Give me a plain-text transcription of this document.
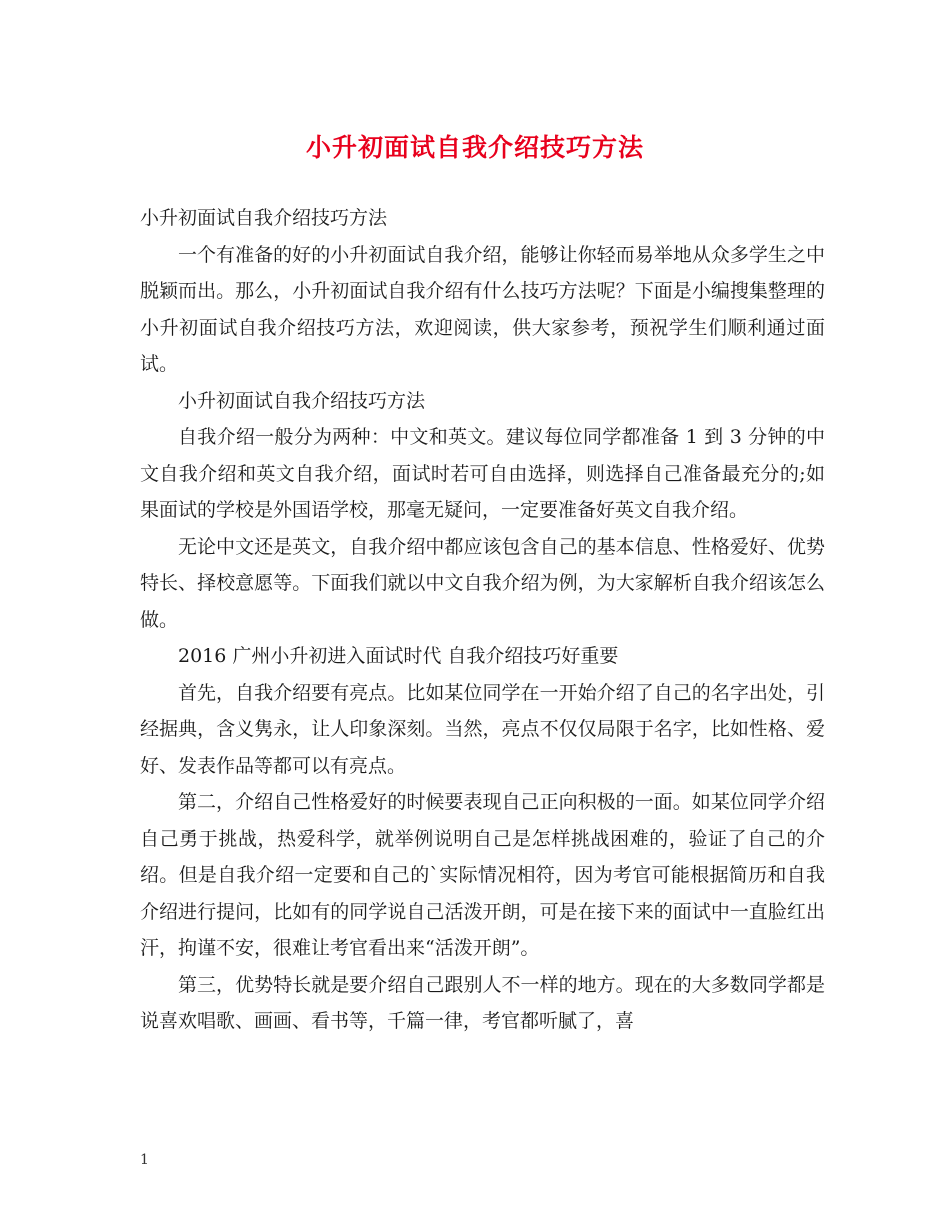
小升初面试自我介绍技巧方法

小升初面试自我介绍技巧方法

一个有准备的好的小升初面试自我介绍，能够让你轻而易举地从众多学生之中脱颖而出。那么，小升初面试自我介绍有什么技巧方法呢？下面是小编搜集整理的小升初面试自我介绍技巧方法，欢迎阅读，供大家参考，预祝学生们顺利通过面试。

小升初面试自我介绍技巧方法

自我介绍一般分为两种：中文和英文。建议每位同学都准备 1 到 3 分钟的中文自我介绍和英文自我介绍，面试时若可自由选择，则选择自己准备最充分的;如果面试的学校是外国语学校，那毫无疑问，一定要准备好英文自我介绍。

无论中文还是英文，自我介绍中都应该包含自己的基本信息、性格爱好、优势特长、择校意愿等。下面我们就以中文自我介绍为例，为大家解析自我介绍该怎么做。

2016 广州小升初进入面试时代 自我介绍技巧好重要

首先，自我介绍要有亮点。比如某位同学在一开始介绍了自己的名字出处，引经据典，含义隽永，让人印象深刻。当然，亮点不仅仅局限于名字，比如性格、爱好、发表作品等都可以有亮点。

第二，介绍自己性格爱好的时候要表现自己正向积极的一面。如某位同学介绍自己勇于挑战，热爱科学，就举例说明自己是怎样挑战困难的，验证了自己的介 绍。但是自我介绍一定要和自己的`实际情况相符，因为考官可能根据简历和自我介绍进行提问，比如有的同学说自己活泼开朗，可是在接下来的面试中一直脸红出 汗，拘谨不安，很难让考官看出来“活泼开朗”。

第三，优势特长就是要介绍自己跟别人不一样的地方。现在的大多数同学都是说喜欢唱歌、画画、看书等，千篇一律，考官都听腻了，喜

1
